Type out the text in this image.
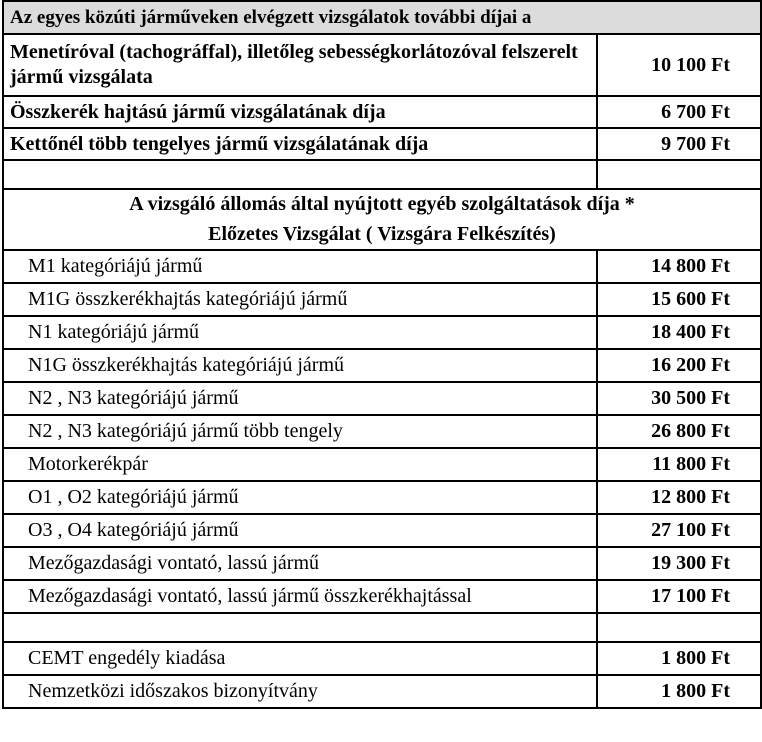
Az egyes közúti járműveken elvégzett vizsgálatok további díjai a	
Menetíróval (tachográffal), illetőleg sebességkorlátozóval felszerelt jármű vizsgálata	10 100 Ft
Összkerék hajtású jármű vizsgálatának díja	6 700 Ft
Kettőnél több tengelyes jármű vizsgálatának díja	9 700 Ft

A vizsgáló állomás által nyújtott egyéb szolgáltatások díja *	
Előzetes Vizsgálat ( Vizsgára Felkészítés)	
M1 kategóriájú jármű	14 800 Ft
M1G összkerékhajtás kategóriájú jármű	15 600 Ft
N1 kategóriájú jármű	18 400 Ft
N1G összkerékhajtás kategóriájú jármű	16 200 Ft
N2 , N3 kategóriájú jármű	30 500 Ft
N2 , N3 kategóriájú jármű több tengely	26 800 Ft
Motorkerékpár	11 800 Ft
O1 , O2 kategóriájú jármű	12 800 Ft
O3 , O4 kategóriájú jármű	27 100 Ft
Mezőgazdasági vontató, lassú jármű	19 300 Ft
Mezőgazdasági vontató, lassú jármű összkerékhajtással	17 100 Ft

CEMT engedély kiadása	1 800 Ft
Nemzetközi időszakos bizonyítvány	1 800 Ft
